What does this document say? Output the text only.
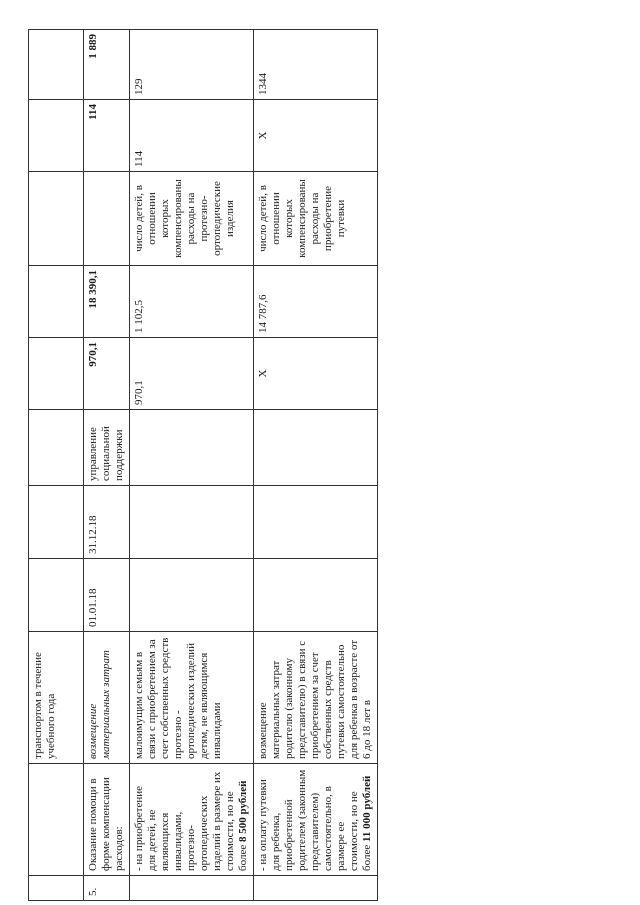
		транспортом в течение учебного года								
5.	Оказание помощи в форме компенсации расходов:	возмещение материальных затрат	01.01.18	31.12.18	управление социальной поддержки	970,1	18 390,1		114	1 889
	- на приобретение для детей, не являющихся инвалидами, протезно-ортопедических изделий в размере их стоимости, но не более 8 500 рублей	малоимущим семьям в связи с приобретением за счет собственных средств протезно - ортопедических изделий детям, не являющимся инвалидами				970,1	1 102,5	число детей, в отношении которых компенсированы расходы на протезно-ортопедические изделия	114	129
	- на оплату путевки для ребенка, приобретенной родителем (законным представителем) самостоятельно, в размере ее стоимости, но не более 11 000 рублей	возмещение материальных затрат родителю (законному представителю) в связи с приобретением за счет собственных средств путевки самостоятельно для ребенка в возрасте от 6 до 18 лет в				Х	14 787,6	число детей, в отношении которых компенсированы расходы на приобретение путевки	Х	1344
